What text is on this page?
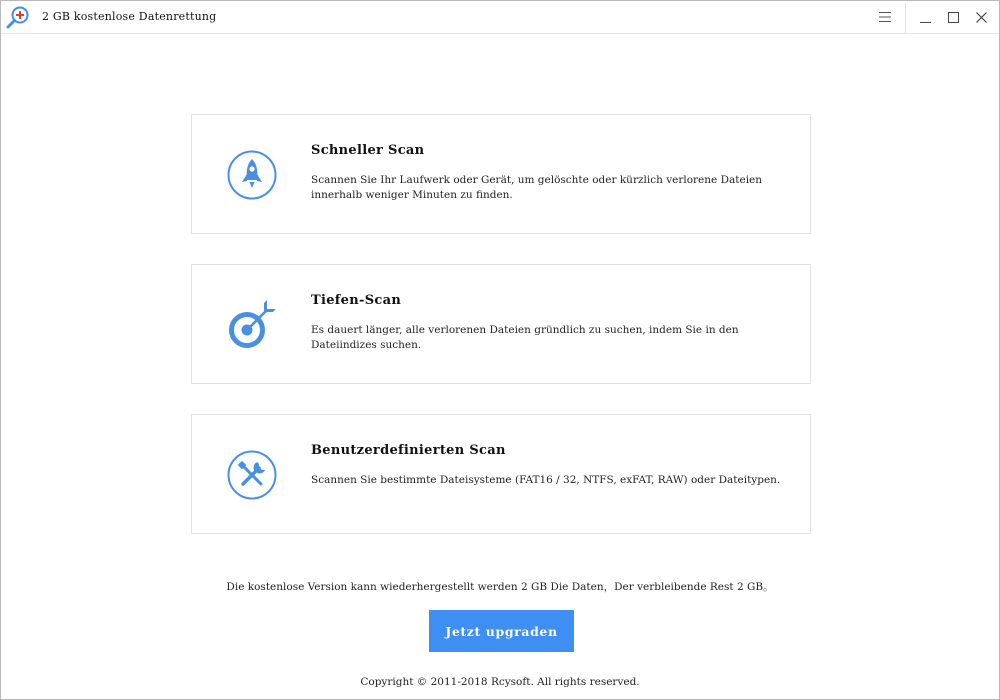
2 GB kostenlose Datenrettung
Schneller Scan
Scannen Sie Ihr Laufwerk oder Gerät, um gelöschte oder kürzlich verlorene Dateien innerhalb weniger Minuten zu finden.
Tiefen-Scan
Es dauert länger, alle verlorenen Dateien gründlich zu suchen, indem Sie in den Dateiindizes suchen.
Benutzerdefinierten Scan
Scannen Sie bestimmte Dateisysteme (FAT16 / 32, NTFS, exFAT, RAW) oder Dateitypen.
Die kostenlose Version kann wiederhergestellt werden 2 GB Die Daten，Der verbleibende Rest 2 GB。
Jetzt upgraden
Copyright © 2011-2018 Rcysoft. All rights reserved.
